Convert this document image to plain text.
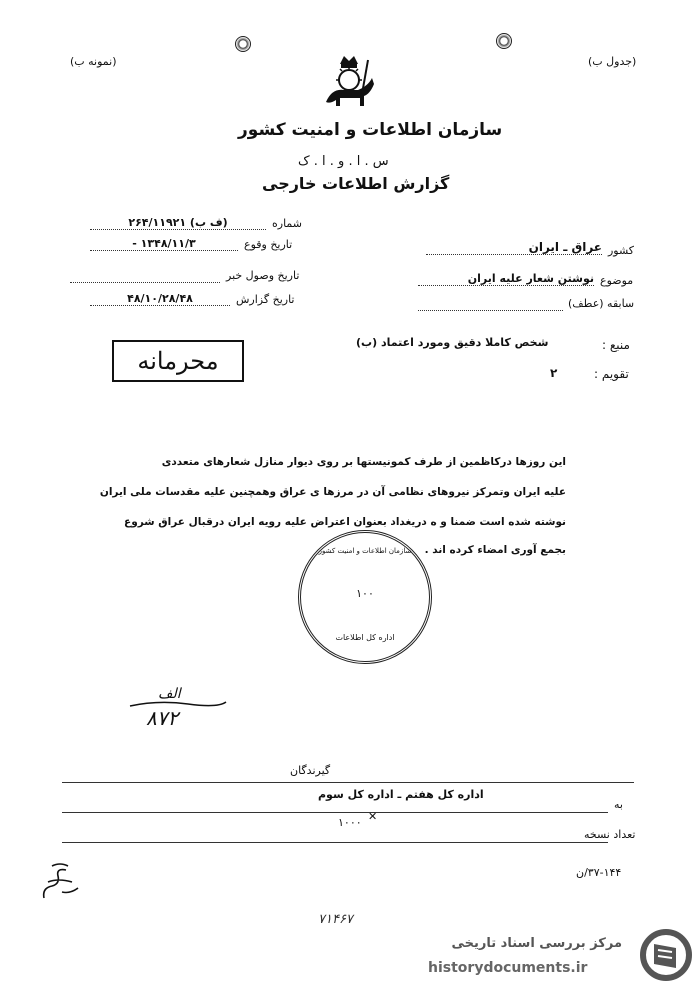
(نمونه ب)	(جدول ب)
سازمان اطلاعات و امنیت کشور
س . ا . و . ا . ک
گزارش اطلاعات خارجی
شماره
(ف ب) ۲۶۴/۱۱۹۲۱
تاریخ وقوع
۱۳۴۸/۱۱/۳ -
تاریخ وصول خبر
تاریخ گزارش
۴۸/۱۰/۲۸/۴۸
کشور
عراق ـ ایران
موضوع
نوشتن شعار علیه ایران
سابقه (عطف)
منبع :
شخص کاملا دقیق ومورد اعتماد (ب)
تقویم :
۲
محرمانه
این روزها درکاظمین از طرف کمونیستها بر روی دیوار منازل شعارهای متعددی
علیه ایران وتمرکز نیروهای نظامی آن در مرزها ی عراق وهمچنین علیه مقدسات ملی ایران
نوشته شده است ضمنا و ه دریغداد بعنوان اعتراض علیه رویه ایران درقبال عراق شروع
بجمع آوری امضاء کرده اند .
سازمان اطلاعات و امنیت کشور
۱۰۰
اداره کل اطلاعات
الف
۸۷۲
گیرندگان
به
اداره کل هفتم ـ اداره کل سوم
۱۰۰۰ ✕
تعداد نسخه
۳۷-۱۴۴/ن
۷۱۴۶۷
مرکز بررسی اسناد تاریخی
historydocuments.ir
